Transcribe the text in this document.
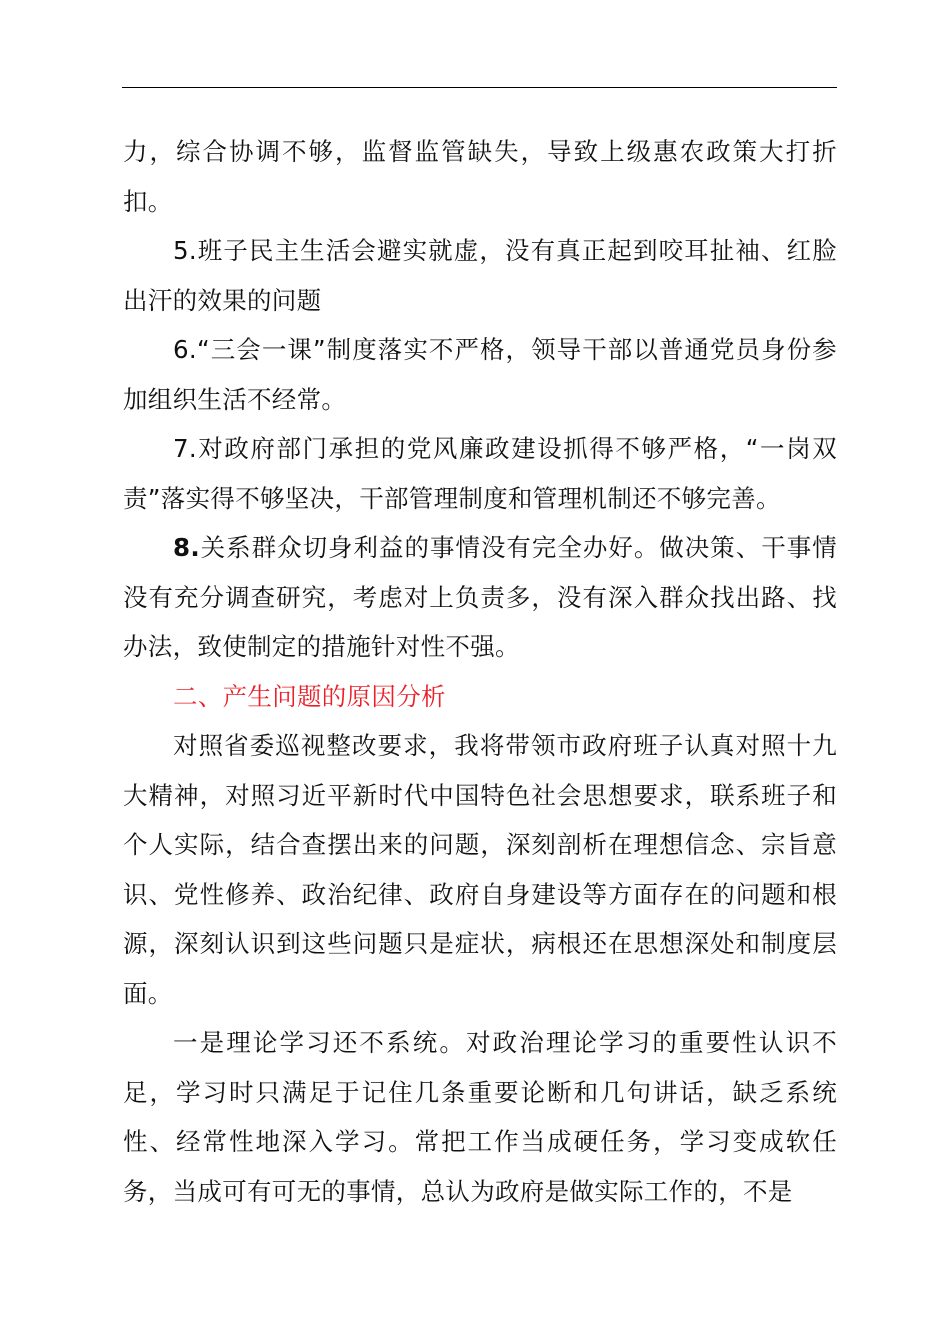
力，综合协调不够，监督监管缺失，导致上级惠农政策大打折扣。

5.班子民主生活会避实就虚，没有真正起到咬耳扯袖、红脸出汗的效果的问题

6.“三会一课”制度落实不严格，领导干部以普通党员身份参加组织生活不经常。

7.对政府部门承担的党风廉政建设抓得不够严格，“一岗双责”落实得不够坚决，干部管理制度和管理机制还不够完善。

8.关系群众切身利益的事情没有完全办好。做决策、干事情没有充分调查研究，考虑对上负责多，没有深入群众找出路、找办法，致使制定的措施针对性不强。

二、产生问题的原因分析

对照省委巡视整改要求，我将带领市政府班子认真对照十九大精神，对照习近平新时代中国特色社会思想要求，联系班子和个人实际，结合查摆出来的问题，深刻剖析在理想信念、宗旨意识、党性修养、政治纪律、政府自身建设等方面存在的问题和根源，深刻认识到这些问题只是症状，病根还在思想深处和制度层面。

一是理论学习还不系统。对政治理论学习的重要性认识不足，学习时只满足于记住几条重要论断和几句讲话，缺乏系统性、经常性地深入学习。常把工作当成硬任务，学习变成软任务，当成可有可无的事情，总认为政府是做实际工作的，不是
